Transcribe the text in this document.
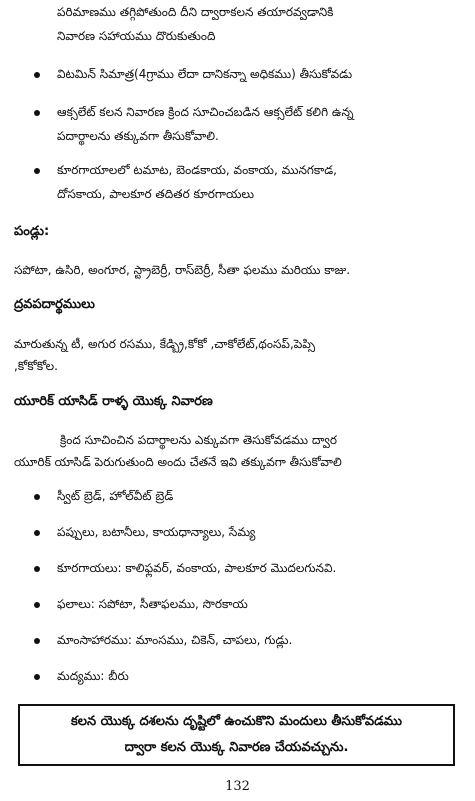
పరిమాణము తగ్గిపోతుంది దీని ద్వారాకలన తయారవ్వడానికి
నివారణ సహాయము దొరుకుతుంది
విటమిన్ సిమాత్ర(4గ్రాము లేదా దానికన్నా అధికము) తీసుకోవడు
ఆక్సలేట్ కలన నివారణ క్రింద సూచించబడిన ఆక్సలేట్ కలిగి ఉన్న
పదార్థాలను తక్కువగా తీసుకోవాలి.
కూరగాయాలలో టమాట, బెండకాయ, వంకాయ, మునగకాడ,
దోసకాయ, పాలకూర తదితర కూరగాయలు
పండ్లు:
సపోటా, ఉసిరి, అంగూర, స్ట్రాబెర్రీ, రాస్‌బెర్రీ, సీతా ఫలము మరియు కాజు.
ద్రవపదార్థములు
మారుతున్న టీ, అగుర రసము, కేడ్బ్రి,కోకో ,చాకోలేట్,థంసప్,పెప్సి
,కోకోకోల.
యూరిక్ యాసిడ్ రాళ్ళ యొక్క నివారణ
క్రింద సూచించిన పదార్థాలను ఎక్కువగా తెసుకోవడము ద్వార
యూరిక్ యాసిడ్ పెరుగుతుంది అందు చేతనే ఇవి తక్కువగా తీసుకోవాలి
స్వీట్ బ్రెడ్, హోల్‌వీట్ బ్రెడ్
పప్పులు, బటానీలు, కాయధాన్యాలు, సేమ్య
కూరగాయలు: కాలిఫ్లవర్, వంకాయ, పాలకూర మొదలగునవి.
ఫలాలు: సపోటా, సీతాఫలము, సొరకాయ
మాంసాహారము: మాంసము, చికెన్, చాపలు, గుడ్లు.
మద్యము: బీరు
కలన యొక్క దశలను దృష్టిలో ఉంచుకొని మందులు తీసుకోవడము
ద్వారా కలన యొక్క నివారణ చేయవచ్చును.
132
